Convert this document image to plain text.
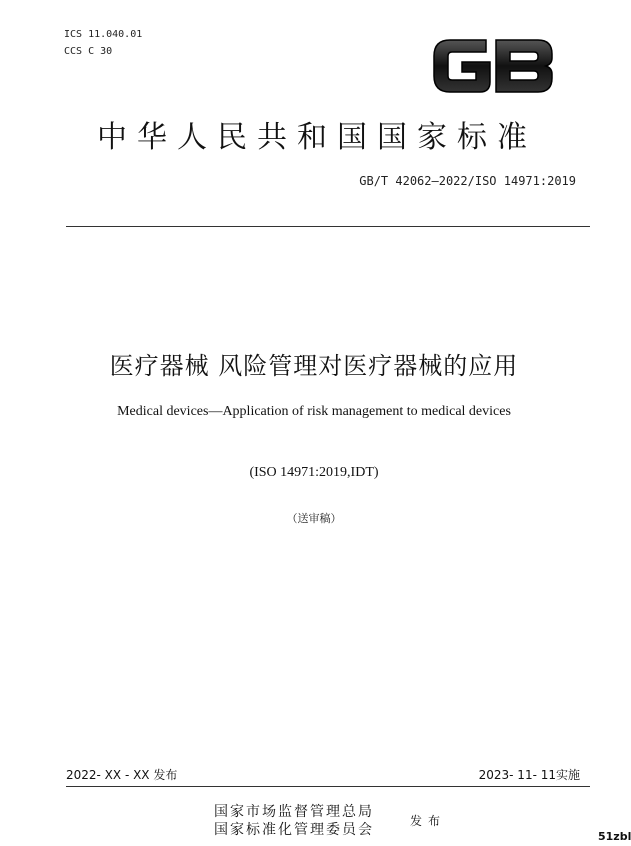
ICS 11.040.01
CCS C 30
中华人民共和国国家标准
GB/T 42062—2022/ISO 14971:2019
医疗器械 风险管理对医疗器械的应用
Medical devices—Application of risk management to medical devices
(ISO 14971:2019,IDT)
（送审稿）
2022- XX - XX 发布	2023- 11- 11实施
国家市场监督管理总局
国家标准化管理委员会
发布
51zbl
